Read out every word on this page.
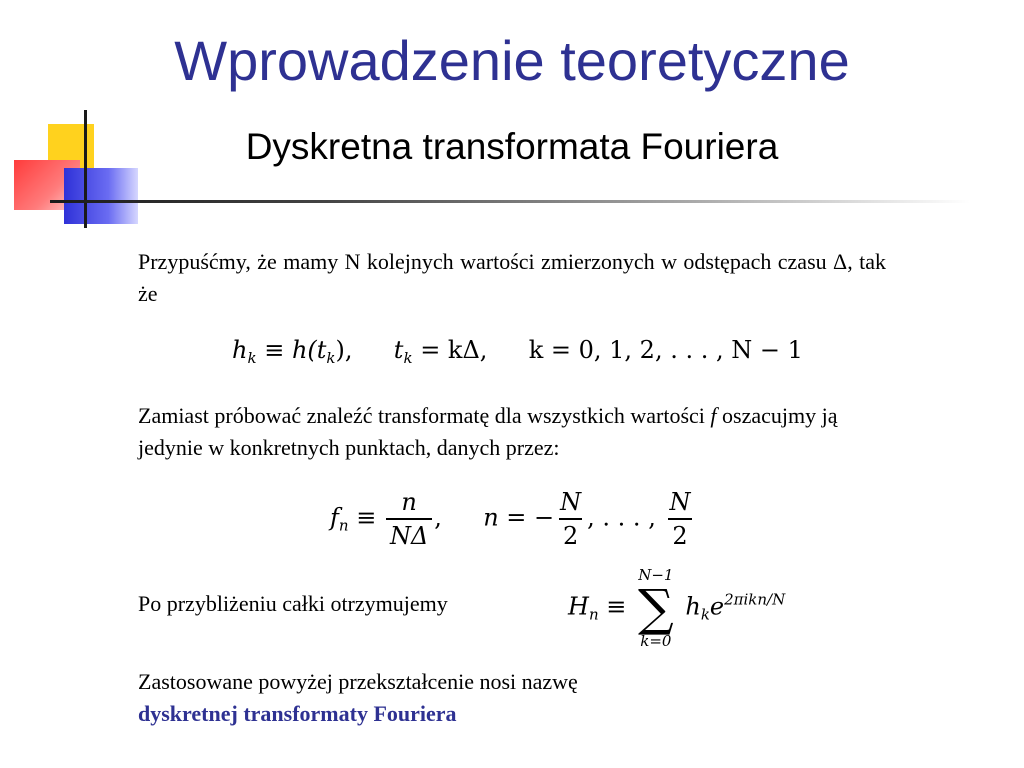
Wprowadzenie teoretyczne
Dyskretna transformata Fouriera
Przypuśćmy, że mamy N kolejnych wartości zmierzonych w odstępach czasu Δ, tak że
$h_k \equiv h(t_k)$, $t_k = k\Delta$, k = 0, 1, 2, . . . , N − 1
Zamiast próbować znaleźć transformatę dla wszystkich wartości f oszacujmy ją jedynie w konkretnych punktach, danych przez:
$f_n \equiv \frac{n}{N\Delta}$ , n = − $\frac{N}{2}$ , . . . , $\frac{N}{2}$
Po przybliżeniu całki otrzymujemy	$H_n$ ≡
N−1
∑
k=0
$h_ke^{2\pi ikn/N}$
Zastosowane powyżej przekształcenie nosi nazwę
dyskretnej transformaty Fouriera
